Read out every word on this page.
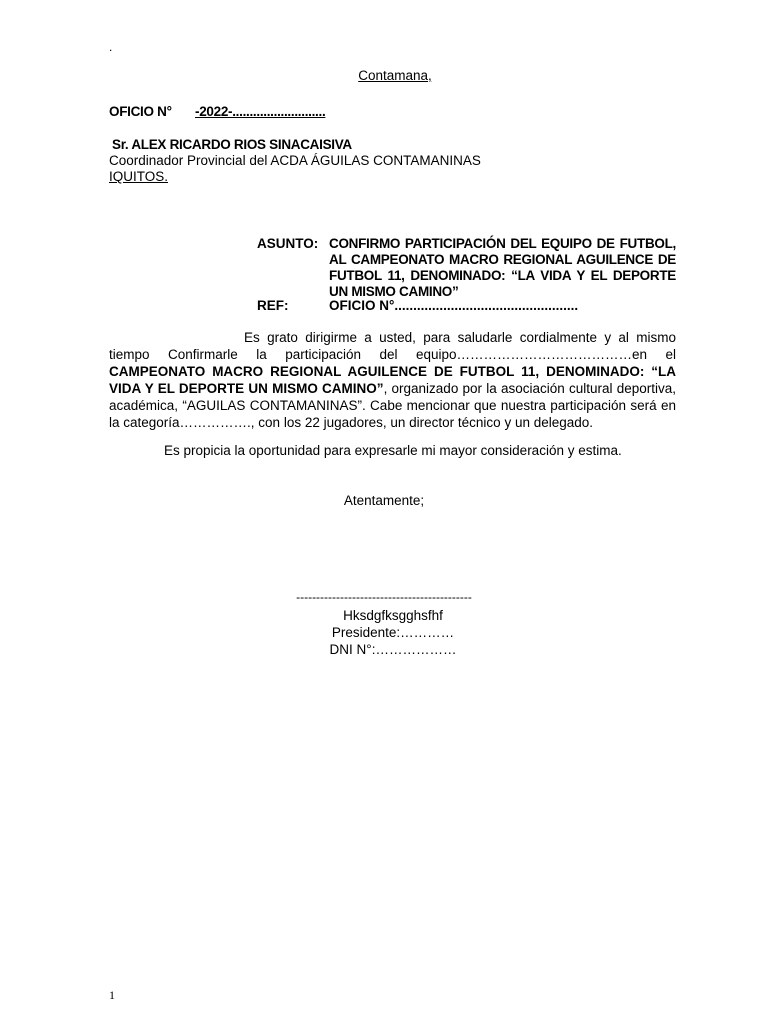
.
Contamana,
OFICIO N° -2022-...........................
Sr. ALEX RICARDO RIOS SINACAISIVA
Coordinador Provincial del ACDA ÁGUILAS CONTAMANINAS
IQUITOS.
ASUNTO: CONFIRMO PARTICIPACIÓN DEL EQUIPO DE FUTBOL, AL CAMPEONATO MACRO REGIONAL AGUILENCE DE FUTBOL 11, DENOMINADO: “LA VIDA Y EL DEPORTE UN MISMO CAMINO”
REF:	OFICIO N°.................................................
Es grato dirigirme a usted, para saludarle cordialmente y al mismo tiempo Confirmarle la participación del equipo…………………………………en el CAMPEONATO MACRO REGIONAL AGUILENCE DE FUTBOL 11, DENOMINADO: “LA VIDA Y EL DEPORTE UN MISMO CAMINO”, organizado por la asociación cultural deportiva, académica, “AGUILAS CONTAMANINAS”. Cabe mencionar que nuestra participación será en la categoría……………., con los 22 jugadores, un director técnico y un delegado.
Es propicia la oportunidad para expresarle mi mayor consideración y estima.
Atentamente;
--------------------------------------------
Hksdgfksgghsfhf
Presidente:…………
DNI N°:………………
1
